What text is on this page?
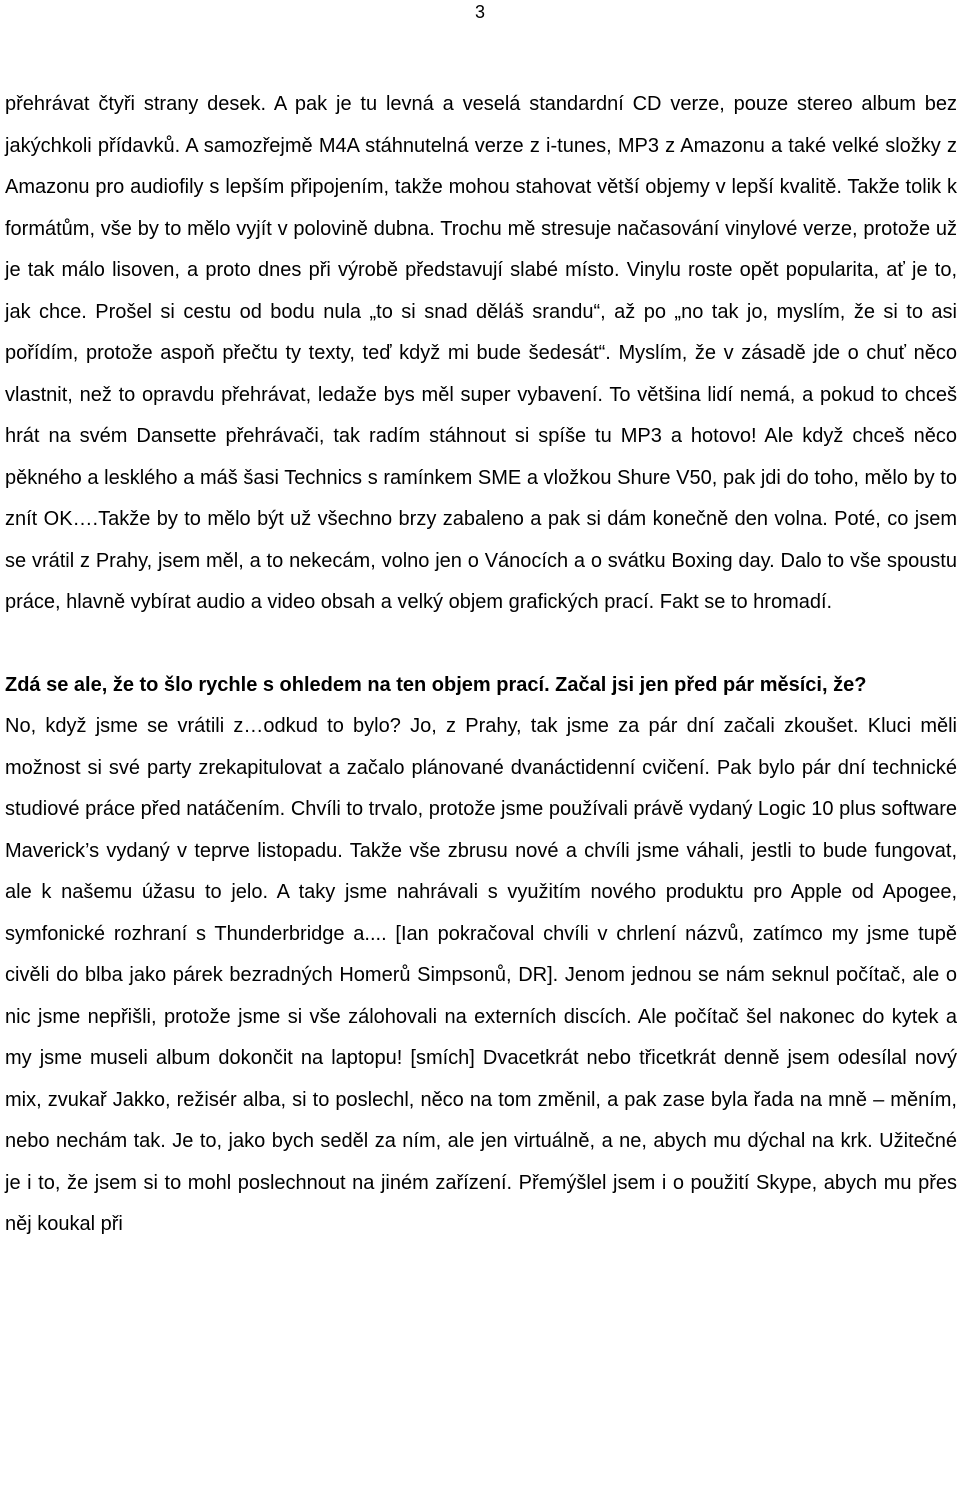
3

přehrávat čtyři strany desek. A pak je tu levná a veselá standardní CD verze, pouze stereo album bez jakýchkoli přídavků. A samozřejmě M4A stáhnutelná verze z i-tunes, MP3 z Amazonu a také velké složky z Amazonu pro audiofily s lepším připojením, takže mohou stahovat větší objemy v lepší kvalitě. Takže tolik k formátům, vše by to mělo vyjít v polovině dubna. Trochu mě stresuje načasování vinylové verze, protože už je tak málo lisoven, a proto dnes při výrobě představují slabé místo. Vinylu roste opět popularita, ať je to, jak chce. Prošel si cestu od bodu nula „to si snad děláš srandu“, až po „no tak jo, myslím, že si to asi pořídím, protože aspoň přečtu ty texty, teď když mi bude šedesát“. Myslím, že v zásadě jde o chuť něco vlastnit, než to opravdu přehrávat, ledaže bys měl super vybavení. To většina lidí nemá, a pokud to chceš hrát na svém Dansette přehrávači, tak radím stáhnout si spíše tu MP3 a hotovo! Ale když chceš něco pěkného a lesklého a máš šasi Technics s ramínkem SME a vložkou Shure V50, pak jdi do toho, mělo by to znít OK….Takže by to mělo být už všechno brzy zabaleno a pak si dám konečně den volna. Poté, co jsem se vrátil z Prahy, jsem měl, a to nekecám, volno jen o Vánocích a o svátku Boxing day. Dalo to vše spoustu práce, hlavně vybírat audio a video obsah a velký objem grafických prací. Fakt se to hromadí.

Zdá se ale, že to šlo rychle s ohledem na ten objem prací. Začal jsi jen před pár měsíci, že?

No, když jsme se vrátili z…odkud to bylo? Jo, z Prahy, tak jsme za pár dní začali zkoušet. Kluci měli možnost si své party zrekapitulovat a začalo plánované dvanáctidenní cvičení. Pak bylo pár dní technické studiové práce před natáčením. Chvíli to trvalo, protože jsme používali právě vydaný Logic 10 plus software Maverick’s vydaný v teprve listopadu. Takže vše zbrusu nové a chvíli jsme váhali, jestli to bude fungovat, ale k našemu úžasu to jelo. A taky jsme nahrávali s využitím nového produktu pro Apple od Apogee, symfonické rozhraní s Thunderbridge a.... [Ian pokračoval chvíli v chrlení názvů, zatímco my jsme tupě civěli do blba jako párek bezradných Homerů Simpsonů, DR]. Jenom jednou se nám seknul počítač, ale o nic jsme nepřišli, protože jsme si vše zálohovali na externích discích. Ale počítač šel nakonec do kytek a my jsme museli album dokončit na laptopu! [smích] Dvacetkrát nebo třicetkrát denně jsem odesílal nový mix, zvukař Jakko, režisér alba, si to poslechl, něco na tom změnil, a pak zase byla řada na mně – měním, nebo nechám tak. Je to, jako bych seděl za ním, ale jen virtuálně, a ne, abych mu dýchal na krk. Užitečné je i to, že jsem si to mohl poslechnout na jiném zařízení. Přemýšlel jsem i o použití Skype, abych mu přes něj koukal při
